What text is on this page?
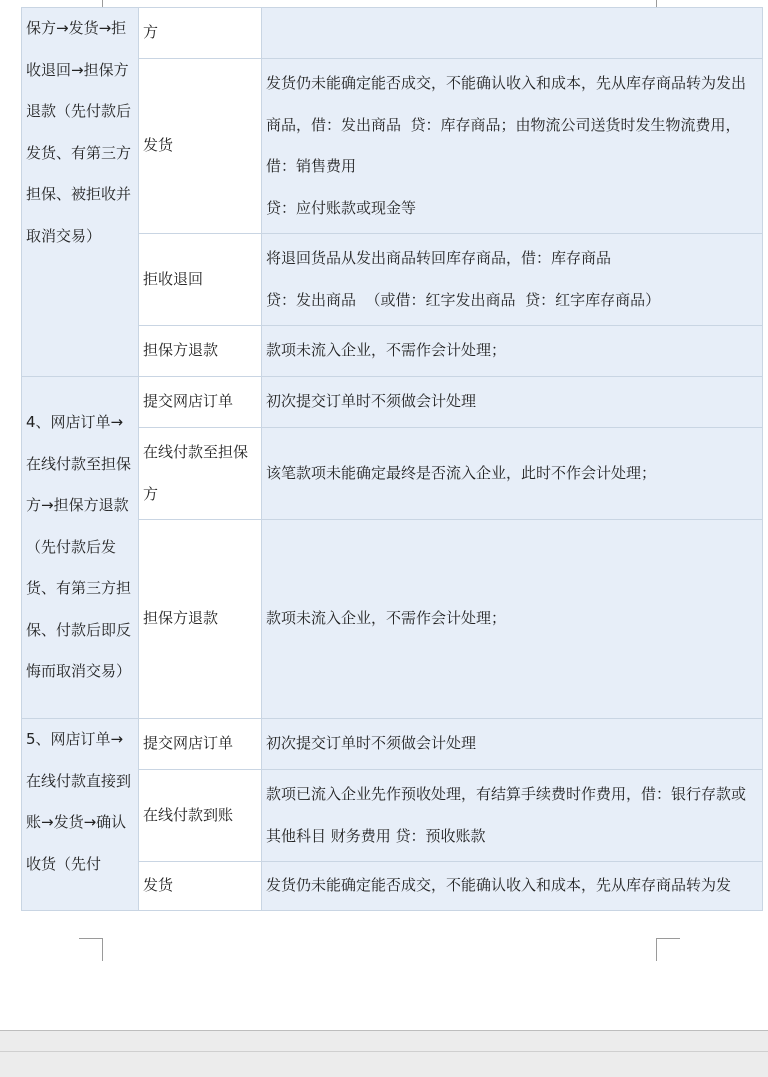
保方→发货→拒收退回→担保方退款（先付款后发货、有第三方担保、被拒收并取消交易）	方	
	发货	发货仍未能确定能否成交，不能确认收入和成本，先从库存商品转为发出商品，借：发出商品  贷：库存商品；由物流公司送货时发生物流费用，借：销售费用
贷：应付账款或现金等
	拒收退回	将退回货品从发出商品转回库存商品，借：库存商品
贷：发出商品  （或借：红字发出商品  贷：红字库存商品）
	担保方退款	款项未流入企业，不需作会计处理；
4、网店订单→在线付款至担保方→担保方退款（先付款后发货、有第三方担保、付款后即反悔而取消交易）	提交网店订单	初次提交订单时不须做会计处理
	在线付款至担保方	该笔款项未能确定最终是否流入企业，此时不作会计处理；
	担保方退款	款项未流入企业，不需作会计处理；
5、网店订单→在线付款直接到账→发货→确认收货（先付	提交网店订单	初次提交订单时不须做会计处理
	在线付款到账	款项已流入企业先作预收处理，有结算手续费时作费用，借：银行存款或其他科目 财务费用 贷：预收账款
	发货	发货仍未能确定能否成交，不能确认收入和成本，先从库存商品转为发
